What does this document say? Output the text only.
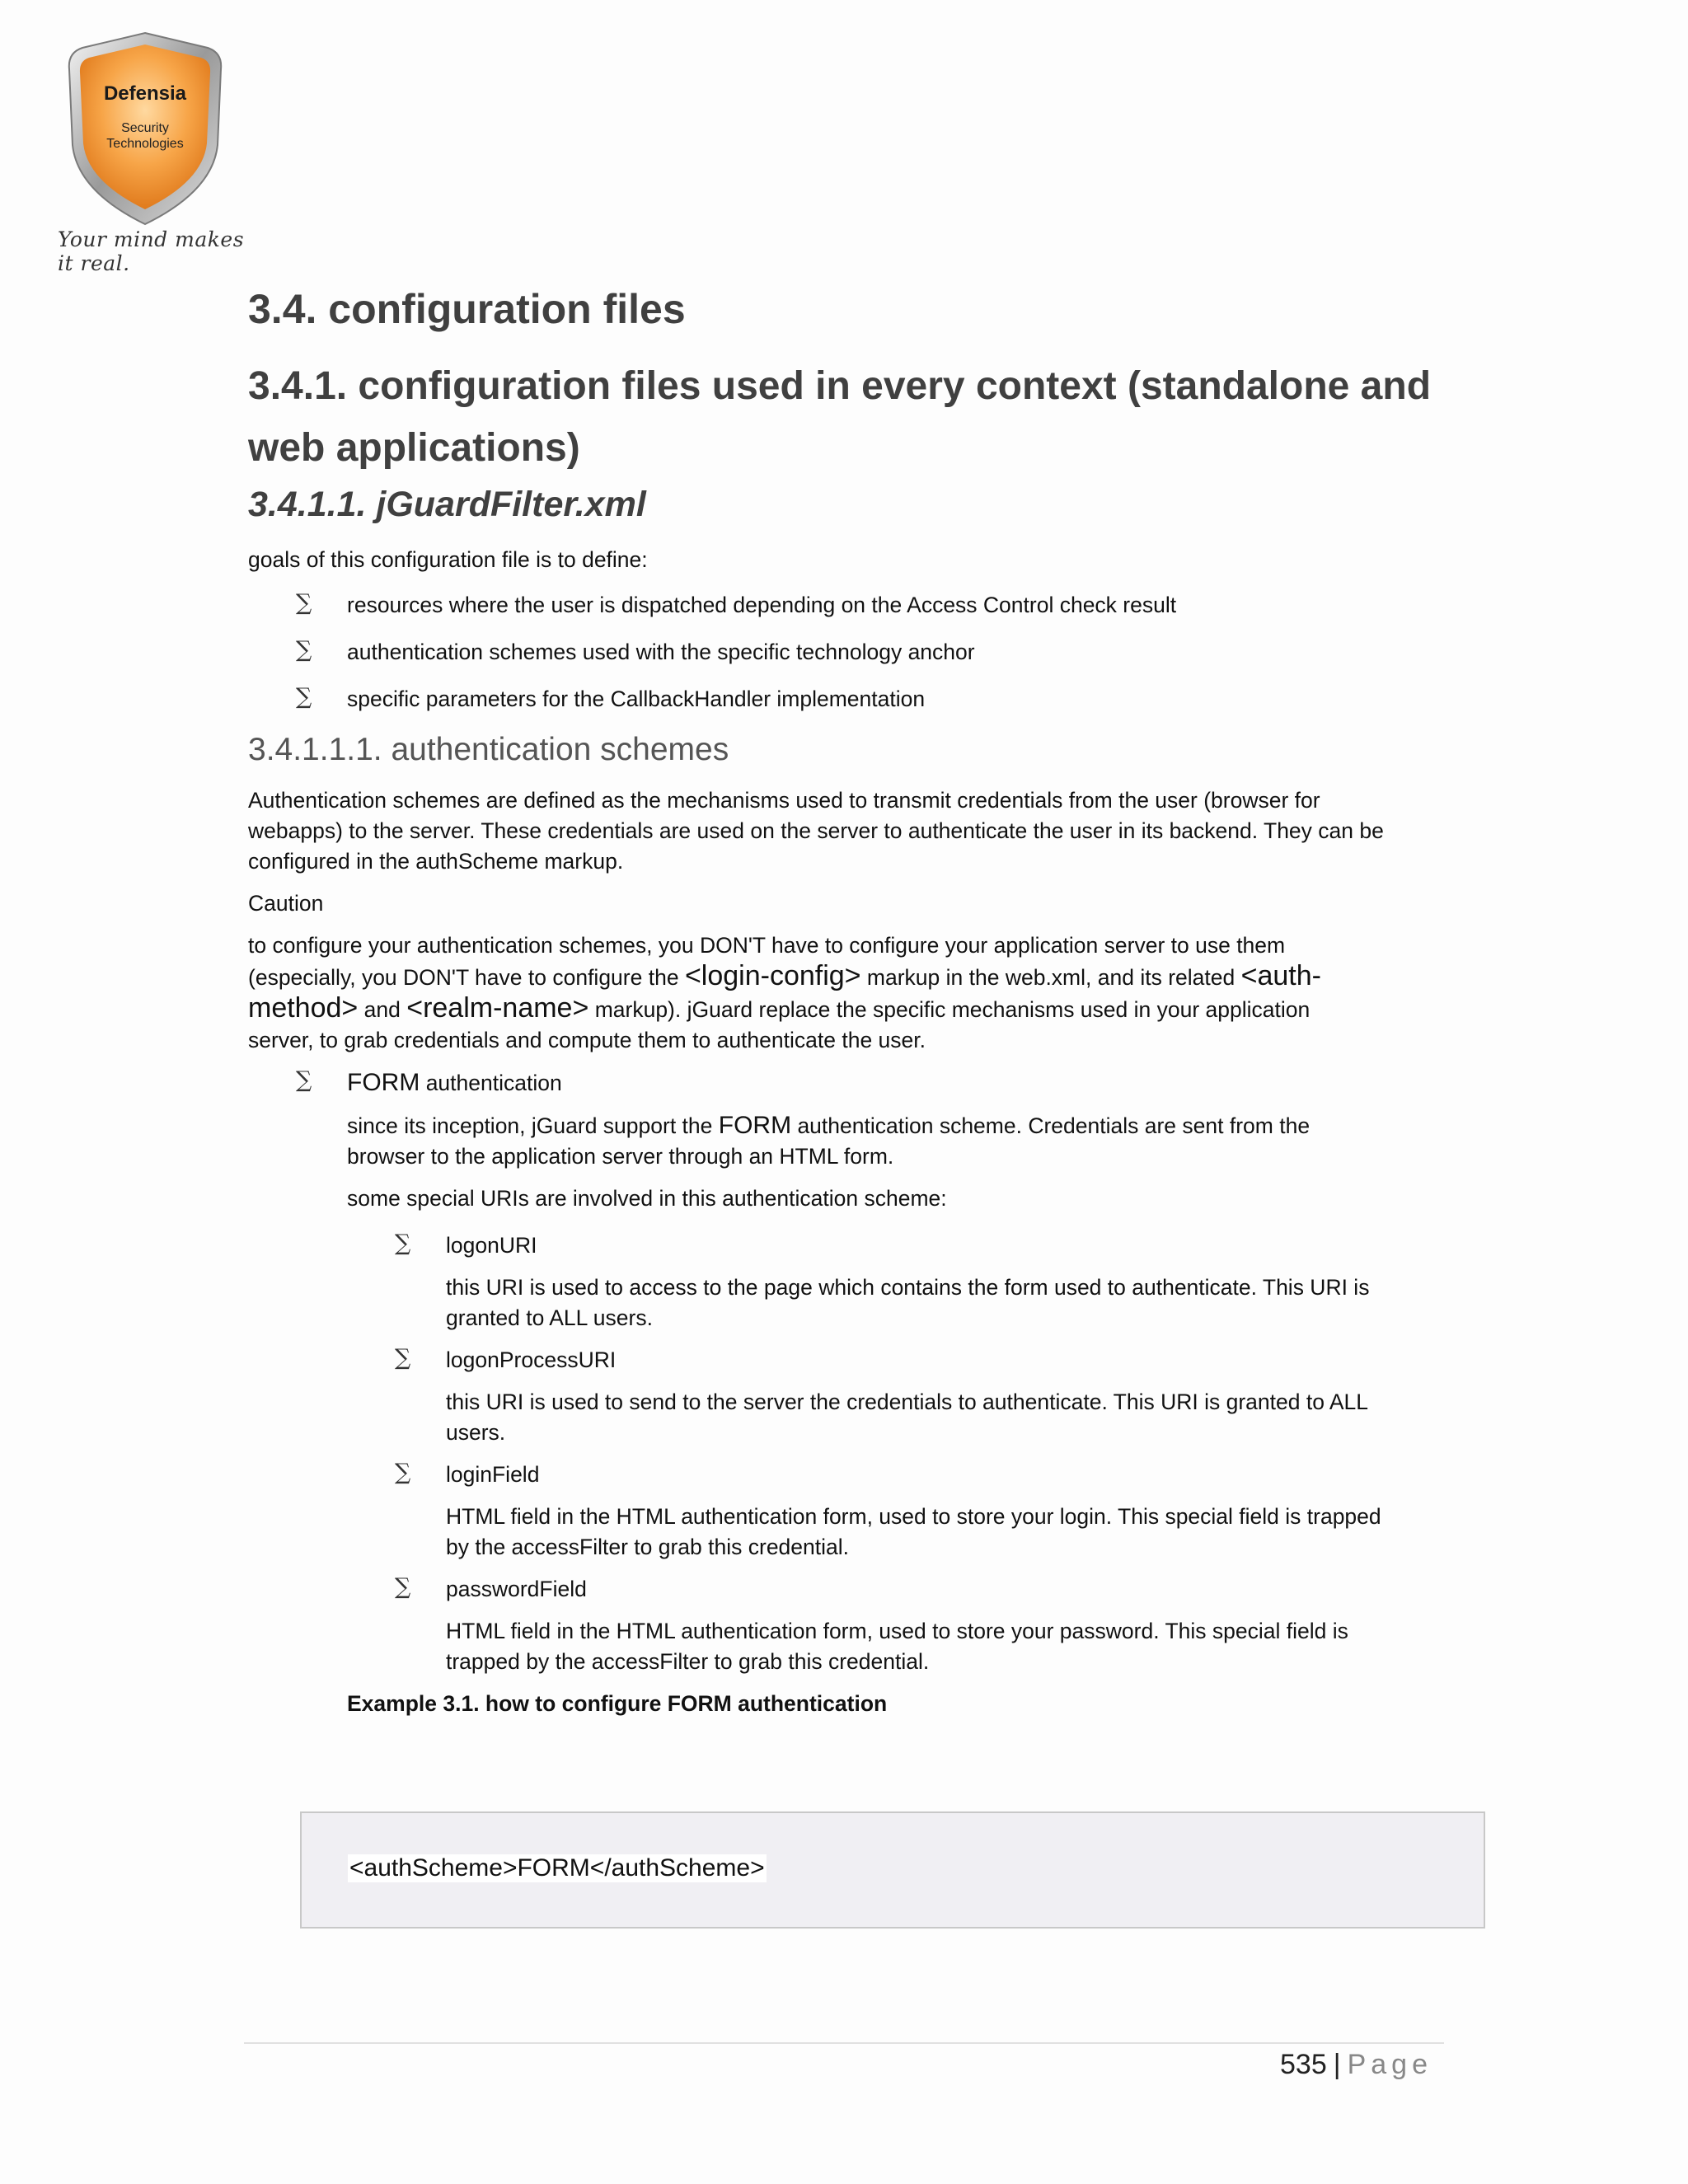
Defensia
Security
Technologies
Your mind makes it real.
3.4. configuration files
3.4.1. configuration files used in every context (standalone and
web applications)
3.4.1.1. jGuardFilter.xml

goals of this configuration file is to define:

∑ resources where the user is dispatched depending on the Access Control check result
∑ authentication schemes used with the specific technology anchor
∑ specific parameters for the CallbackHandler implementation
3.4.1.1.1. authentication schemes

Authentication schemes are defined as the mechanisms used to transmit credentials from the user (browser for

webapps) to the server. These credentials are used on the server to authenticate the user in its backend. They can be

configured in the authScheme markup.

Caution

to configure your authentication schemes, you DON'T have to configure your application server to use them

(especially, you DON'T have to configure the <login-config> markup in the web.xml, and its related <auth-

method> and <realm-name> markup). jGuard replace the specific mechanisms used in your application

server, to grab credentials and compute them to authenticate the user.

∑ FORM authentication

since its inception, jGuard support the FORM authentication scheme. Credentials are sent from the

browser to the application server through an HTML form.

some special URIs are involved in this authentication scheme:

∑ logonURI

this URI is used to access to the page which contains the form used to authenticate. This URI is

granted to ALL users.

∑ logonProcessURI

this URI is used to send to the server the credentials to authenticate. This URI is granted to ALL

users.

∑ loginField

HTML field in the HTML authentication form, used to store your login. This special field is trapped

by the accessFilter to grab this credential.

∑ passwordField

HTML field in the HTML authentication form, used to store your password. This special field is

trapped by the accessFilter to grab this credential.

Example 3.1. how to configure FORM authentication
<authScheme>FORM</authScheme>
535 | Page
